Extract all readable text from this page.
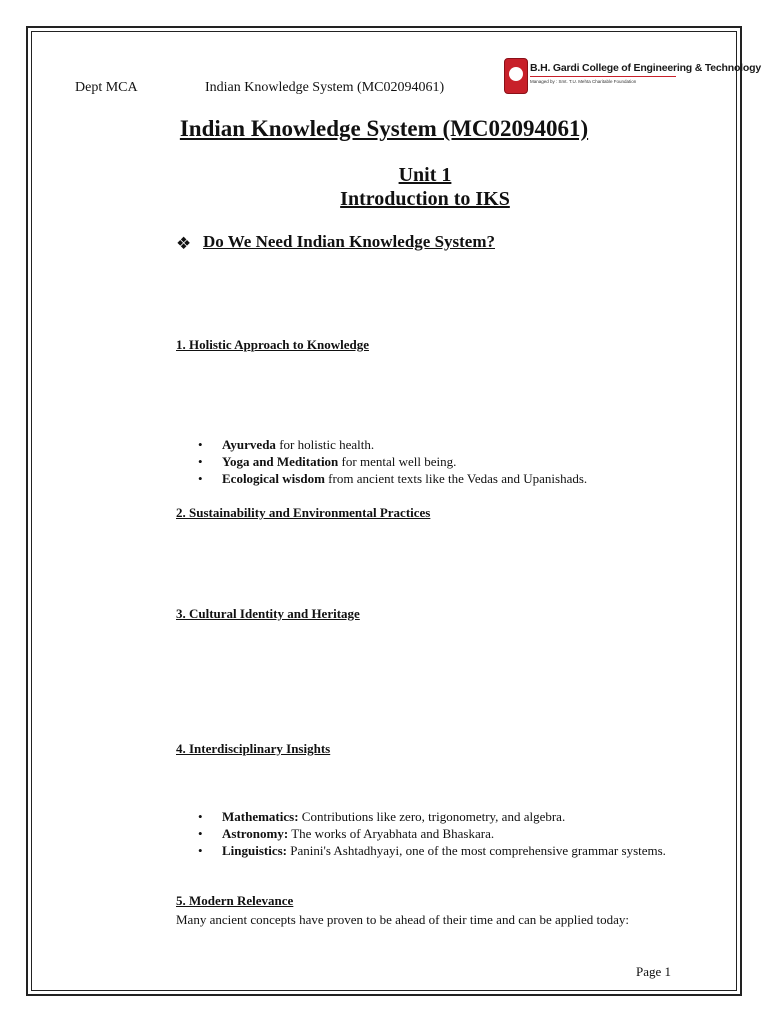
Dept MCA	Indian Knowledge System (MC02094061)
B.H. Gardi College of Engineering & Technology
Managed by : Smt. T.U. Mehta Charitable Foundation
Indian Knowledge System (MC02094061)
Unit 1
Introduction to IKS
❖ Do We Need Indian Knowledge System?
1. Holistic Approach to Knowledge
• Ayurveda for holistic health.
• Yoga and Meditation for mental well being.
• Ecological wisdom from ancient texts like the Vedas and Upanishads.
2. Sustainability and Environmental Practices
3. Cultural Identity and Heritage
4. Interdisciplinary Insights
• Mathematics: Contributions like zero, trigonometry, and algebra.
• Astronomy: The works of Aryabhata and Bhaskara.
• Linguistics: Panini's Ashtadhyayi, one of the most comprehensive grammar systems.
5. Modern Relevance
Many ancient concepts have proven to be ahead of their time and can be applied today:
Page 1
